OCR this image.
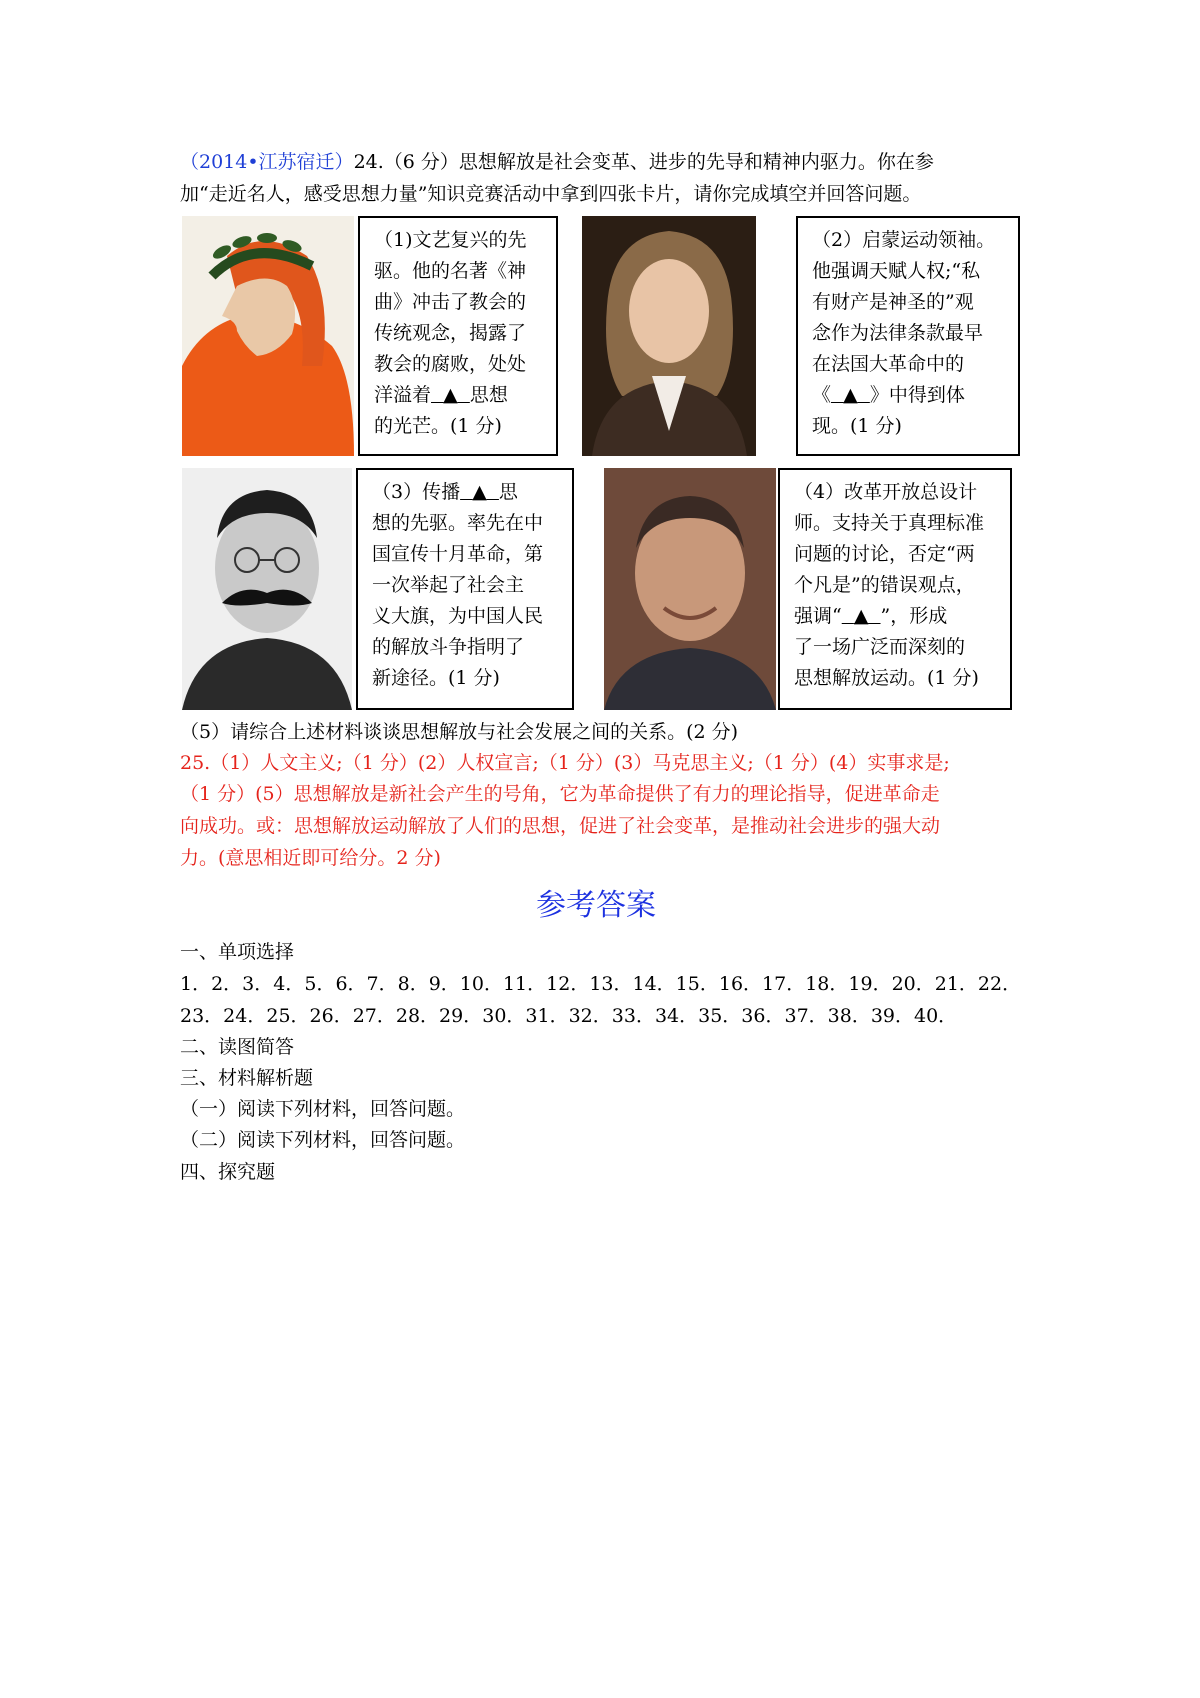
（2014•江苏宿迁）24.（6 分）思想解放是社会变革、进步的先导和精神内驱力。你在参
加“走近名人，感受思想力量”知识竞赛活动中拿到四张卡片，请你完成填空并回答问题。
（1)文艺复兴的先
驱。他的名著《神
曲》冲击了教会的
传统观念，揭露了
教会的腐败，处处
洋溢着 ▲ 思想
的光芒。(1 分)
（2）启蒙运动领袖。
他强调天赋人权;“私
有财产是神圣的”观
念作为法律条款最早
在法国大革命中的
《 ▲ 》中得到体
现。(1 分)
（3）传播 ▲ 思
想的先驱。率先在中
国宣传十月革命，第
一次举起了社会主
义大旗，为中国人民
的解放斗争指明了
新途径。(1 分)
（4）改革开放总设计
师。支持关于真理标准
问题的讨论，否定“两
个凡是”的错误观点，
强调“ ▲ ”，形成
了一场广泛而深刻的
思想解放运动。(1 分)
（5）请综合上述材料谈谈思想解放与社会发展之间的关系。(2 分)
25.（1）人文主义;（1 分）(2）人权宣言;（1 分）(3）马克思主义;（1 分）(4）实事求是;
（1 分）(5）思想解放是新社会产生的号角，它为革命提供了有力的理论指导，促进革命走
向成功。或：思想解放运动解放了人们的思想，促进了社会变革，是推动社会进步的强大动
力。(意思相近即可给分。2 分)
参考答案
一、单项选择
1．2．3．4．5．6．7．8．9．10．11．12．13．14．15．16．17．18．19．20．21．22．
23．24．25．26．27．28．29．30．31．32．33．34．35．36．37．38．39．40．
二、读图简答
三、材料解析题
（一）阅读下列材料，回答问题。
（二）阅读下列材料，回答问题。
四、探究题
